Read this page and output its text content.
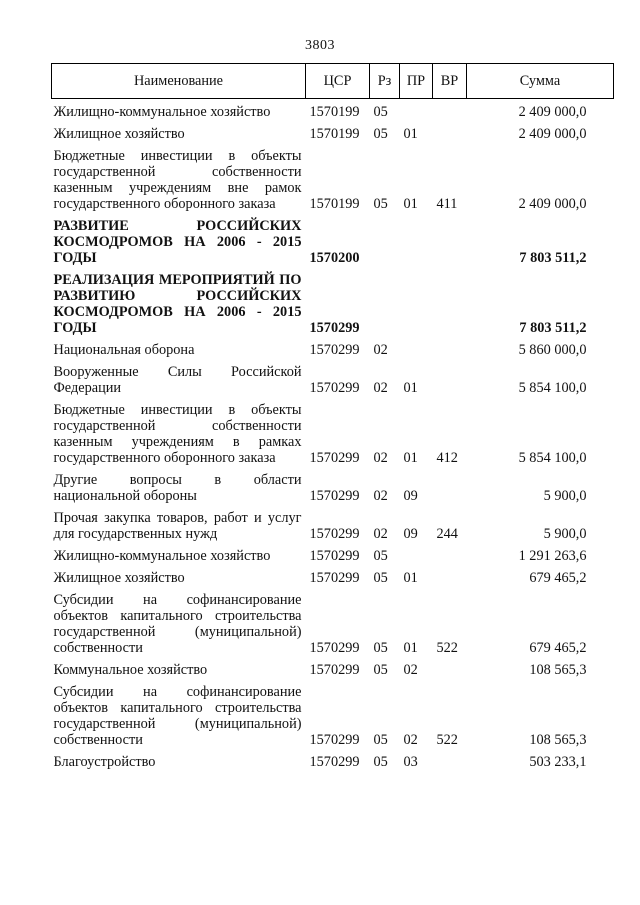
3803
Наименование	ЦСР	Рз	ПР	ВР	Сумма
Жилищно-коммунальное хозяйство	1570199	05			2 409 000,0
Жилищное хозяйство	1570199	05	01		2 409 000,0
Бюджетные инвестиции в объекты государственной собственности казенным учреждениям вне рамок государственного оборонного заказа	1570199	05	01	411	2 409 000,0
РАЗВИТИЕ РОССИЙСКИХ КОСМОДРОМОВ НА 2006 - 2015 ГОДЫ	1570200				7 803 511,2
РЕАЛИЗАЦИЯ МЕРОПРИЯТИЙ ПО РАЗВИТИЮ РОССИЙСКИХ КОСМОДРОМОВ НА 2006 - 2015 ГОДЫ	1570299				7 803 511,2
Национальная оборона	1570299	02			5 860 000,0
Вооруженные Силы Российской Федерации	1570299	02	01		5 854 100,0
Бюджетные инвестиции в объекты государственной собственности казенным учреждениям в рамках государственного оборонного заказа	1570299	02	01	412	5 854 100,0
Другие вопросы в области национальной обороны	1570299	02	09		5 900,0
Прочая закупка товаров, работ и услуг для государственных нужд	1570299	02	09	244	5 900,0
Жилищно-коммунальное хозяйство	1570299	05			1 291 263,6
Жилищное хозяйство	1570299	05	01		679 465,2
Субсидии на софинансирование объектов капитального строительства государственной (муниципальной) собственности	1570299	05	01	522	679 465,2
Коммунальное хозяйство	1570299	05	02		108 565,3
Субсидии на софинансирование объектов капитального строительства государственной (муниципальной) собственности	1570299	05	02	522	108 565,3
Благоустройство	1570299	05	03		503 233,1
